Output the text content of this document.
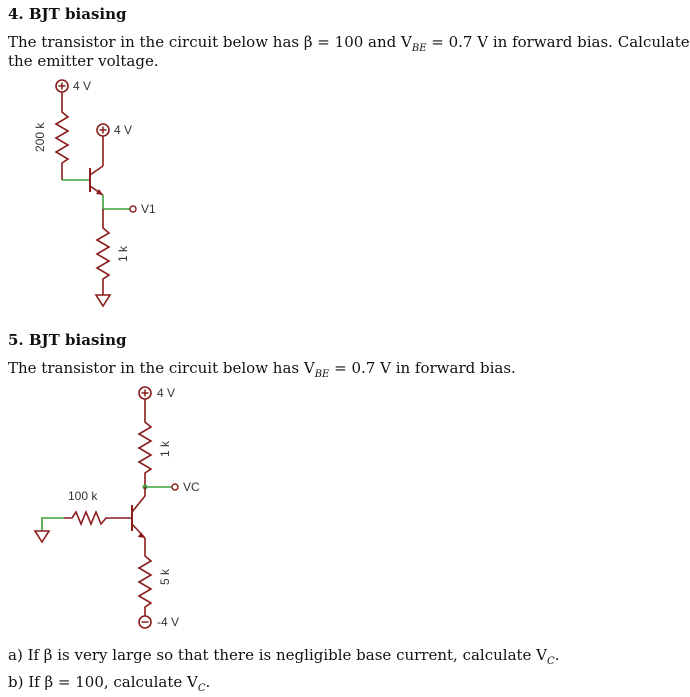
4. BJT biasing
The transistor in the circuit below has β = 100 and $V_{BE} = 0.7$ V in forward bias. Calculate
the emitter voltage.
5. BJT biasing
The transistor in the circuit below has $V_{BE} = 0.7$ V in forward bias.
a) If β is very large so that there is negligible base current, calculate $V_C$.
b) If β = 100, calculate $V_C$.
4 V
200 k	4 V
V1
1 k
4 V
1 k
VC
100 k
5 k
-4 V
